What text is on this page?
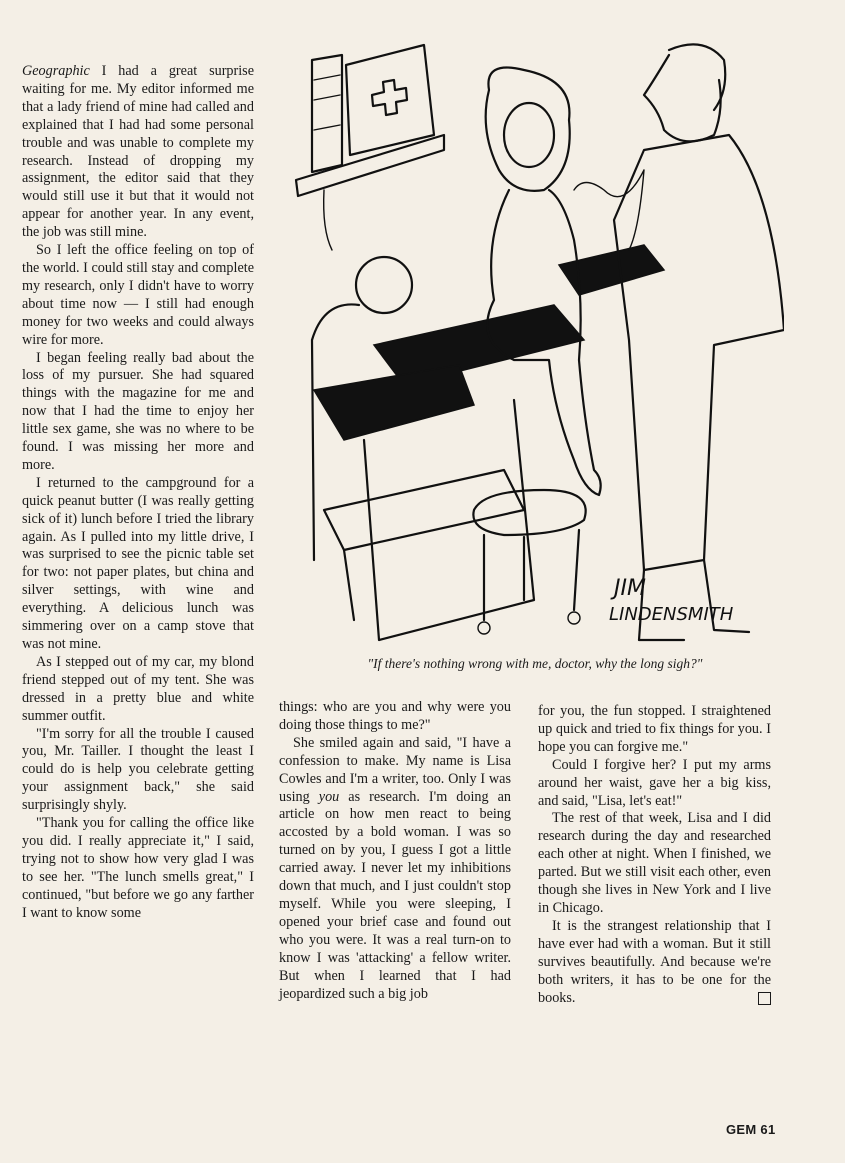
Geographic I had a great surprise waiting for me. My editor informed me that a lady friend of mine had called and explained that I had had some personal trouble and was unable to complete my research. Instead of dropping my assignment, the editor said that they would still use it but that it would not appear for another year. In any event, the job was still mine.

So I left the office feeling on top of the world. I could still stay and complete my research, only I didn't have to worry about time now — I still had enough money for two weeks and could always wire for more.

I began feeling really bad about the loss of my pursuer. She had squared things with the magazine for me and now that I had the time to enjoy her little sex game, she was no where to be found. I was missing her more and more.

I returned to the campground for a quick peanut butter (I was really getting sick of it) lunch before I tried the library again. As I pulled into my little drive, I was surprised to see the picnic table set for two: not paper plates, but china and silver settings, with wine and everything. A delicious lunch was simmering over on a camp stove that was not mine.

As I stepped out of my car, my blond friend stepped out of my tent. She was dressed in a pretty blue and white summer outfit.

"I'm sorry for all the trouble I caused you, Mr. Tailler. I thought the least I could do is help you celebrate getting your assignment back," she said surprisingly shyly.

"Thank you for calling the office like you did. I really appreciate it," I said, trying not to show how very glad I was to see her. "The lunch smells great," I continued, "but before we go any farther I want to know some

JIM
LINDENSMITH
"If there's nothing wrong with me, doctor, why the long sigh?"

things: who are you and why were you doing those things to me?"

She smiled again and said, "I have a confession to make. My name is Lisa Cowles and I'm a writer, too. Only I was using you as research. I'm doing an article on how men react to being accosted by a bold woman. I was so turned on by you, I guess I got a little carried away. I never let my inhibitions down that much, and I just couldn't stop myself. While you were sleeping, I opened your brief case and found out who you were. It was a real turn-on to know I was 'attacking' a fellow writer. But when I learned that I had jeopardized such a big job

for you, the fun stopped. I straightened up quick and tried to fix things for you. I hope you can forgive me."

Could I forgive her? I put my arms around her waist, gave her a big kiss, and said, "Lisa, let's eat!"

The rest of that week, Lisa and I did research during the day and researched each other at night. When I finished, we parted. But we still visit each other, even though she lives in New York and I live in Chicago.

It is the strangest relationship that I have ever had with a woman. But it still survives beautifully. And because we're both writers, it has to be one for the books.

GEM 61
